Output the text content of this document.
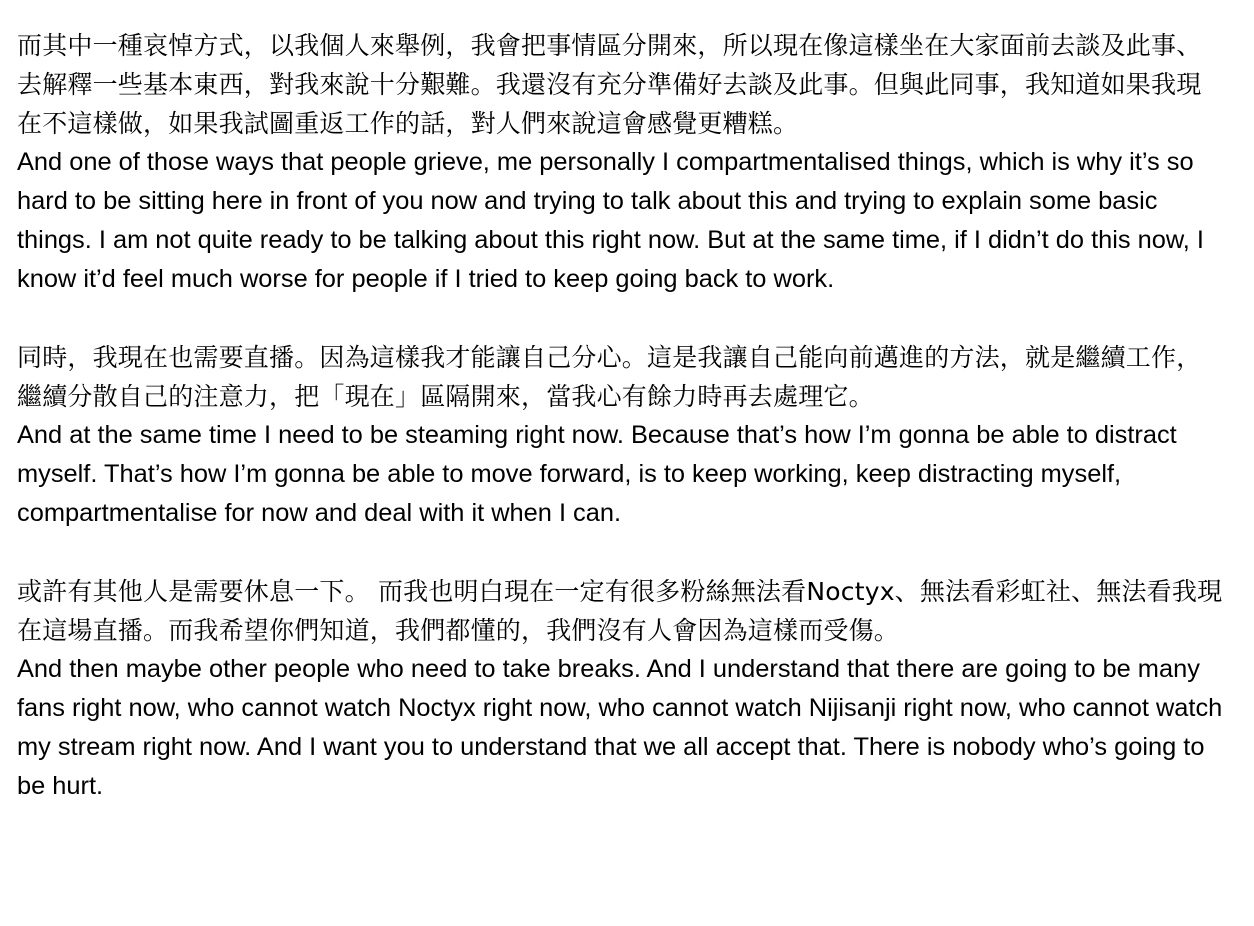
而其中一種哀悼方式，以我個人來舉例，我會把事情區分開來，所以現在像這樣坐在大家面前去談及此事、去解釋一些基本東西，對我來說十分艱難。我還沒有充分準備好去談及此事。但與此同事，我知道如果我現在不這樣做，如果我試圖重返工作的話，對人們來說這會感覺更糟糕。

And one of those ways that people grieve, me personally I compartmentalised things, which is why it’s so hard to be sitting here in front of you now and trying to talk about this and trying to explain some basic things. I am not quite ready to be talking about this right now. But at the same time, if I didn’t do this now, I know it’d feel much worse for people if I tried to keep going back to work.

同時，我現在也需要直播。因為這樣我才能讓自己分心。這是我讓自己能向前邁進的方法，就是繼續工作，繼續分散自己的注意力，把「現在」區隔開來，當我心有餘力時再去處理它。

And at the same time I need to be steaming right now. Because that’s how I’m gonna be able to distract myself. That’s how I’m gonna be able to move forward, is to keep working, keep distracting myself, compartmentalise for now and deal with it when I can.

或許有其他人是需要休息一下。 而我也明白現在一定有很多粉絲無法看Noctyx、無法看彩虹社、無法看我現在這場直播。而我希望你們知道，我們都懂的，我們沒有人會因為這樣而受傷。

And then maybe other people who need to take breaks. And I understand that there are going to be many fans right now, who cannot watch Noctyx right now, who cannot watch Nijisanji right now, who cannot watch my stream right now. And I want you to understand that we all accept that. There is nobody who’s going to be hurt.
